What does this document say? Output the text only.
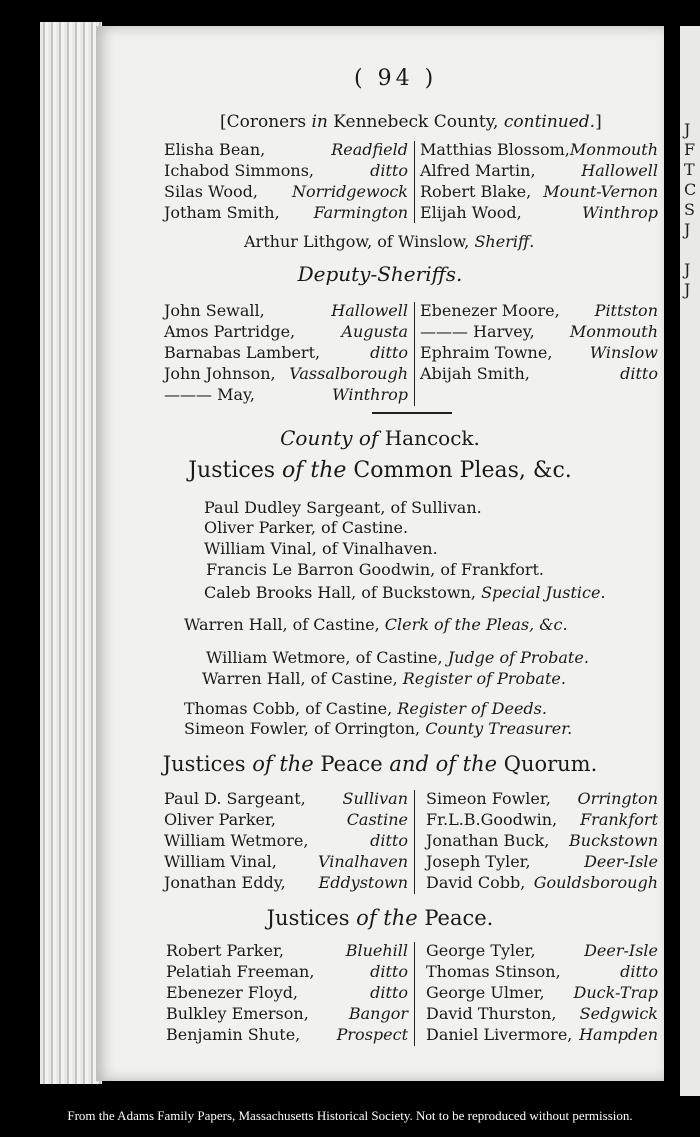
J
F
T
C
S
J
J
J
( 94 )
[Coroners in Kennebeck County, continued.]
Elisha Bean,	Readfield
Ichabod Simmons,	ditto
Silas Wood, Norridgewock
Jotham Smith, Farmington
Matthias Blossom, Monmouth
Alfred Martin,	Hallowell
Robert Blake, Mount-Vernon
Elijah Wood,	Winthrop
Arthur Lithgow, of Winslow, Sheriff.
Deputy-Sheriffs.
John Sewall,	Hallowell
Amos Partridge,	Augusta
Barnabas Lambert,	ditto
John Johnson, Vassalborough
——— May,	Winthrop
Ebenezer Moore, Pittston
——— Harvey, Monmouth
Ephraim Towne, Winslow
Abijah Smith,	ditto
County of Hancock.
Justices of the Common Pleas, &c.
Paul Dudley Sargeant, of Sullivan.
Oliver Parker, of Castine.
William Vinal, of Vinalhaven.
Francis Le Barron Goodwin, of Frankfort.
Caleb Brooks Hall, of Buckstown, Special Justice.
Warren Hall, of Castine, Clerk of the Pleas, &c.
William Wetmore, of Castine, Judge of Probate.
Warren Hall, of Castine, Register of Probate.
Thomas Cobb, of Castine, Register of Deeds.
Simeon Fowler, of Orrington, County Treasurer.
Justices of the Peace and of the Quorum.
Paul D. Sargeant, Sullivan
Oliver Parker,	Castine
William Wetmore,	ditto
William Vinal,	Vinalhaven
Jonathan Eddy, Eddystown
Simeon Fowler, Orrington
Fr.L.B.Goodwin, Frankfort
Jonathan Buck, Buckstown
Joseph Tyler,	Deer-Isle
David Cobb, Gouldsborough
Justices of the Peace.
Robert Parker,	Bluehill
Pelatiah Freeman,	ditto
Ebenezer Floyd,	ditto
Bulkley Emerson,	Bangor
Benjamin Shute, Prospect
George Tyler,	Deer-Isle
Thomas Stinson,	ditto
George Ulmer, Duck-Trap
David Thurston, Sedgwick
Daniel Livermore, Hampden
From the Adams Family Papers, Massachusetts Historical Society. Not to be reproduced without permission.
